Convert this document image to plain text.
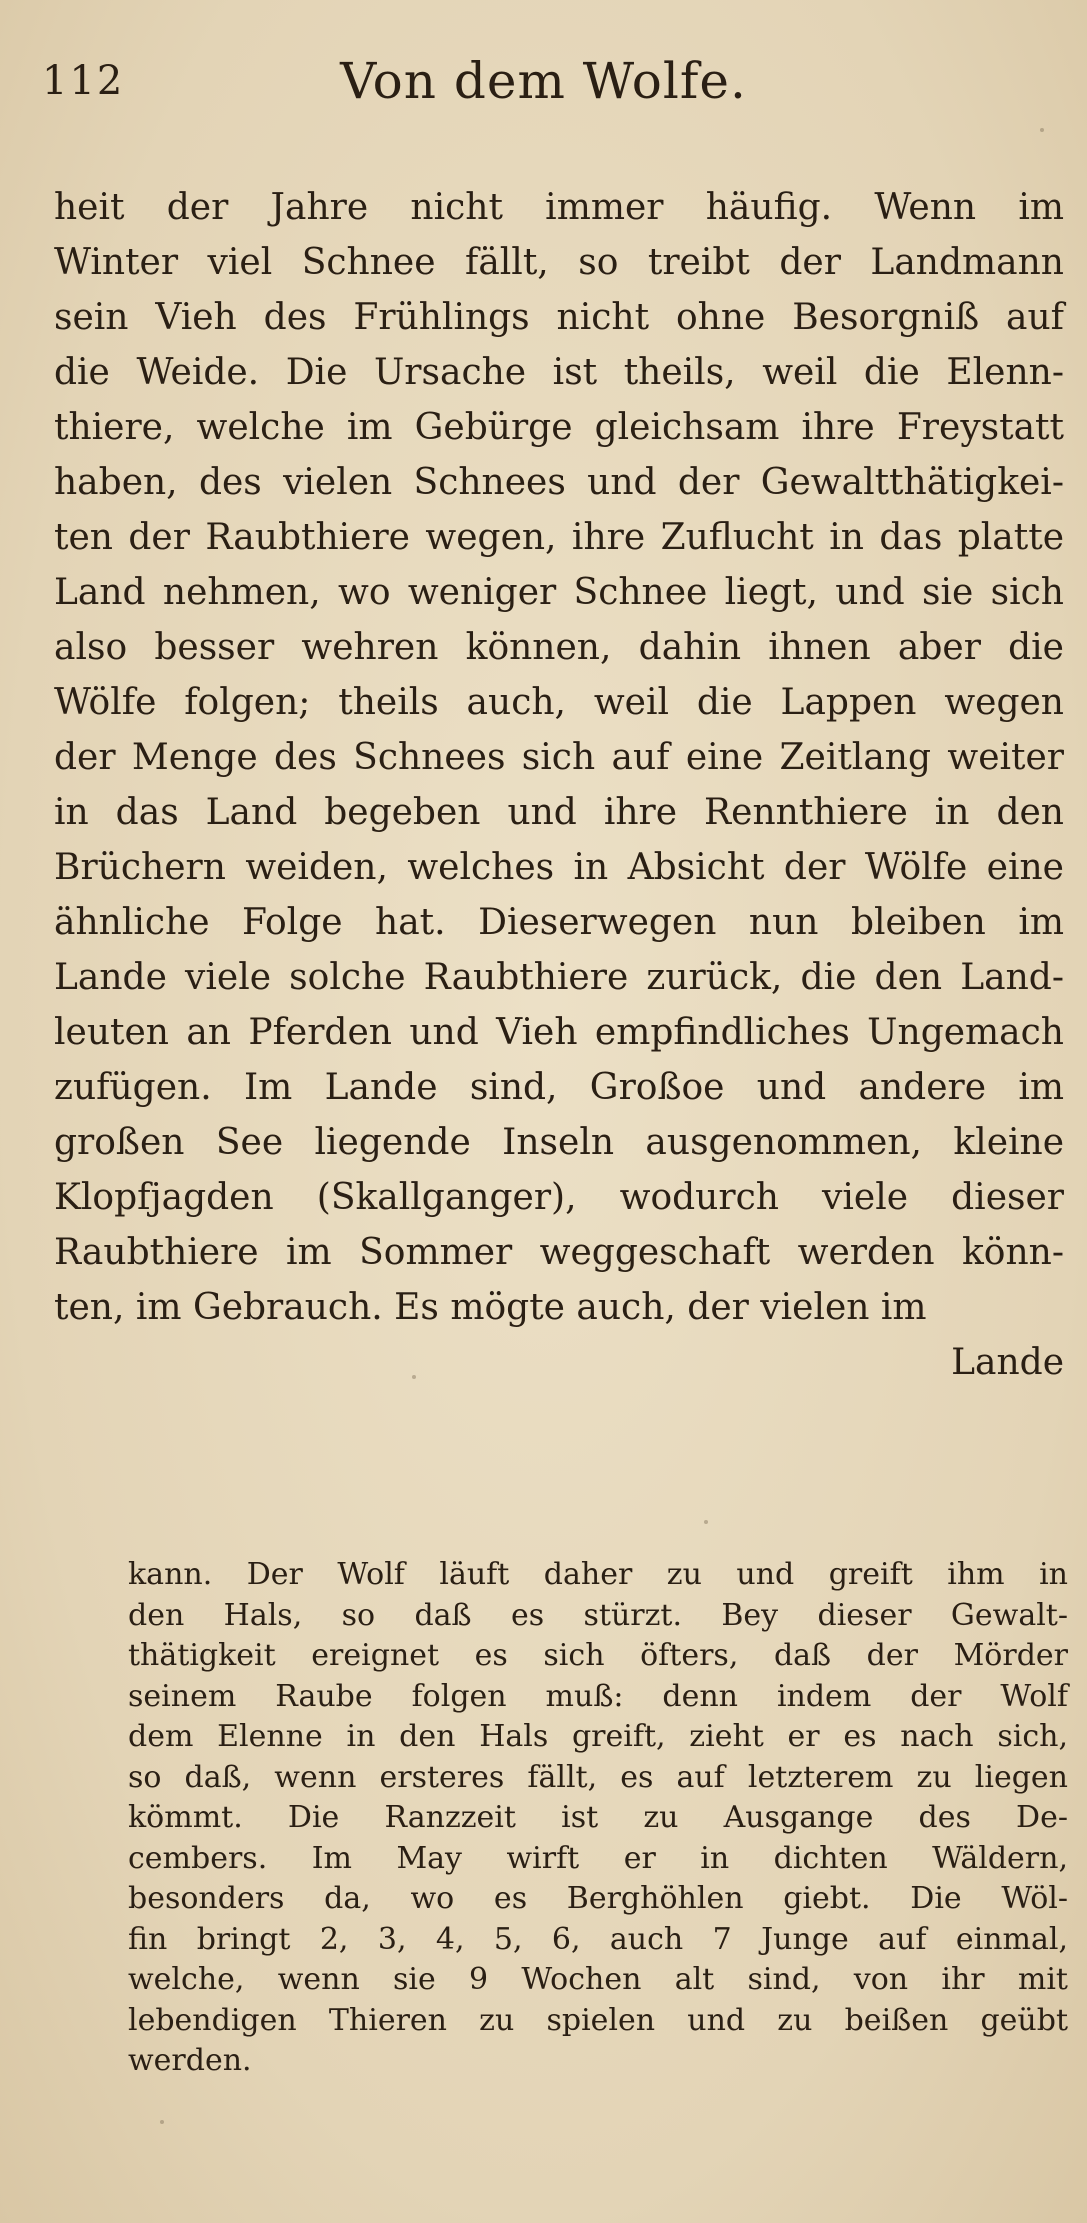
112	Von dem Wolfe.
heit der Jahre nicht immer häufig. Wenn im
Winter viel Schnee fällt, so treibt der Landmann
sein Vieh des Frühlings nicht ohne Besorgniß auf
die Weide. Die Ursache ist theils, weil die Elenn-
thiere, welche im Gebürge gleichsam ihre Freystatt
haben, des vielen Schnees und der Gewaltthätigkei-
ten der Raubthiere wegen, ihre Zuflucht in das platte
Land nehmen, wo weniger Schnee liegt, und sie sich
also besser wehren können, dahin ihnen aber die
Wölfe folgen; theils auch, weil die Lappen wegen
der Menge des Schnees sich auf eine Zeitlang weiter
in das Land begeben und ihre Rennthiere in den
Brüchern weiden, welches in Absicht der Wölfe eine
ähnliche Folge hat. Dieserwegen nun bleiben im
Lande viele solche Raubthiere zurück, die den Land-
leuten an Pferden und Vieh empfindliches Ungemach
zufügen. Im Lande sind, Großoe und andere im
großen See liegende Inseln ausgenommen, kleine
Klopfjagden (Skallganger), wodurch viele dieser
Raubthiere im Sommer weggeschaft werden könn-
ten, im Gebrauch. Es mögte auch, der vielen im
Lande
kann. Der Wolf läuft daher zu und greift ihm in
den Hals, so daß es stürzt. Bey dieser Gewalt-
thätigkeit ereignet es sich öfters, daß der Mörder
seinem Raube folgen muß: denn indem der Wolf
dem Elenne in den Hals greift, zieht er es nach sich,
so daß, wenn ersteres fällt, es auf letzterem zu liegen
kömmt. Die Ranzzeit ist zu Ausgange des De-
cembers. Im May wirft er in dichten Wäldern,
besonders da, wo es Berghöhlen giebt. Die Wöl-
fin bringt 2, 3, 4, 5, 6, auch 7 Junge auf einmal,
welche, wenn sie 9 Wochen alt sind, von ihr mit
lebendigen Thieren zu spielen und zu beißen geübt
werden.
